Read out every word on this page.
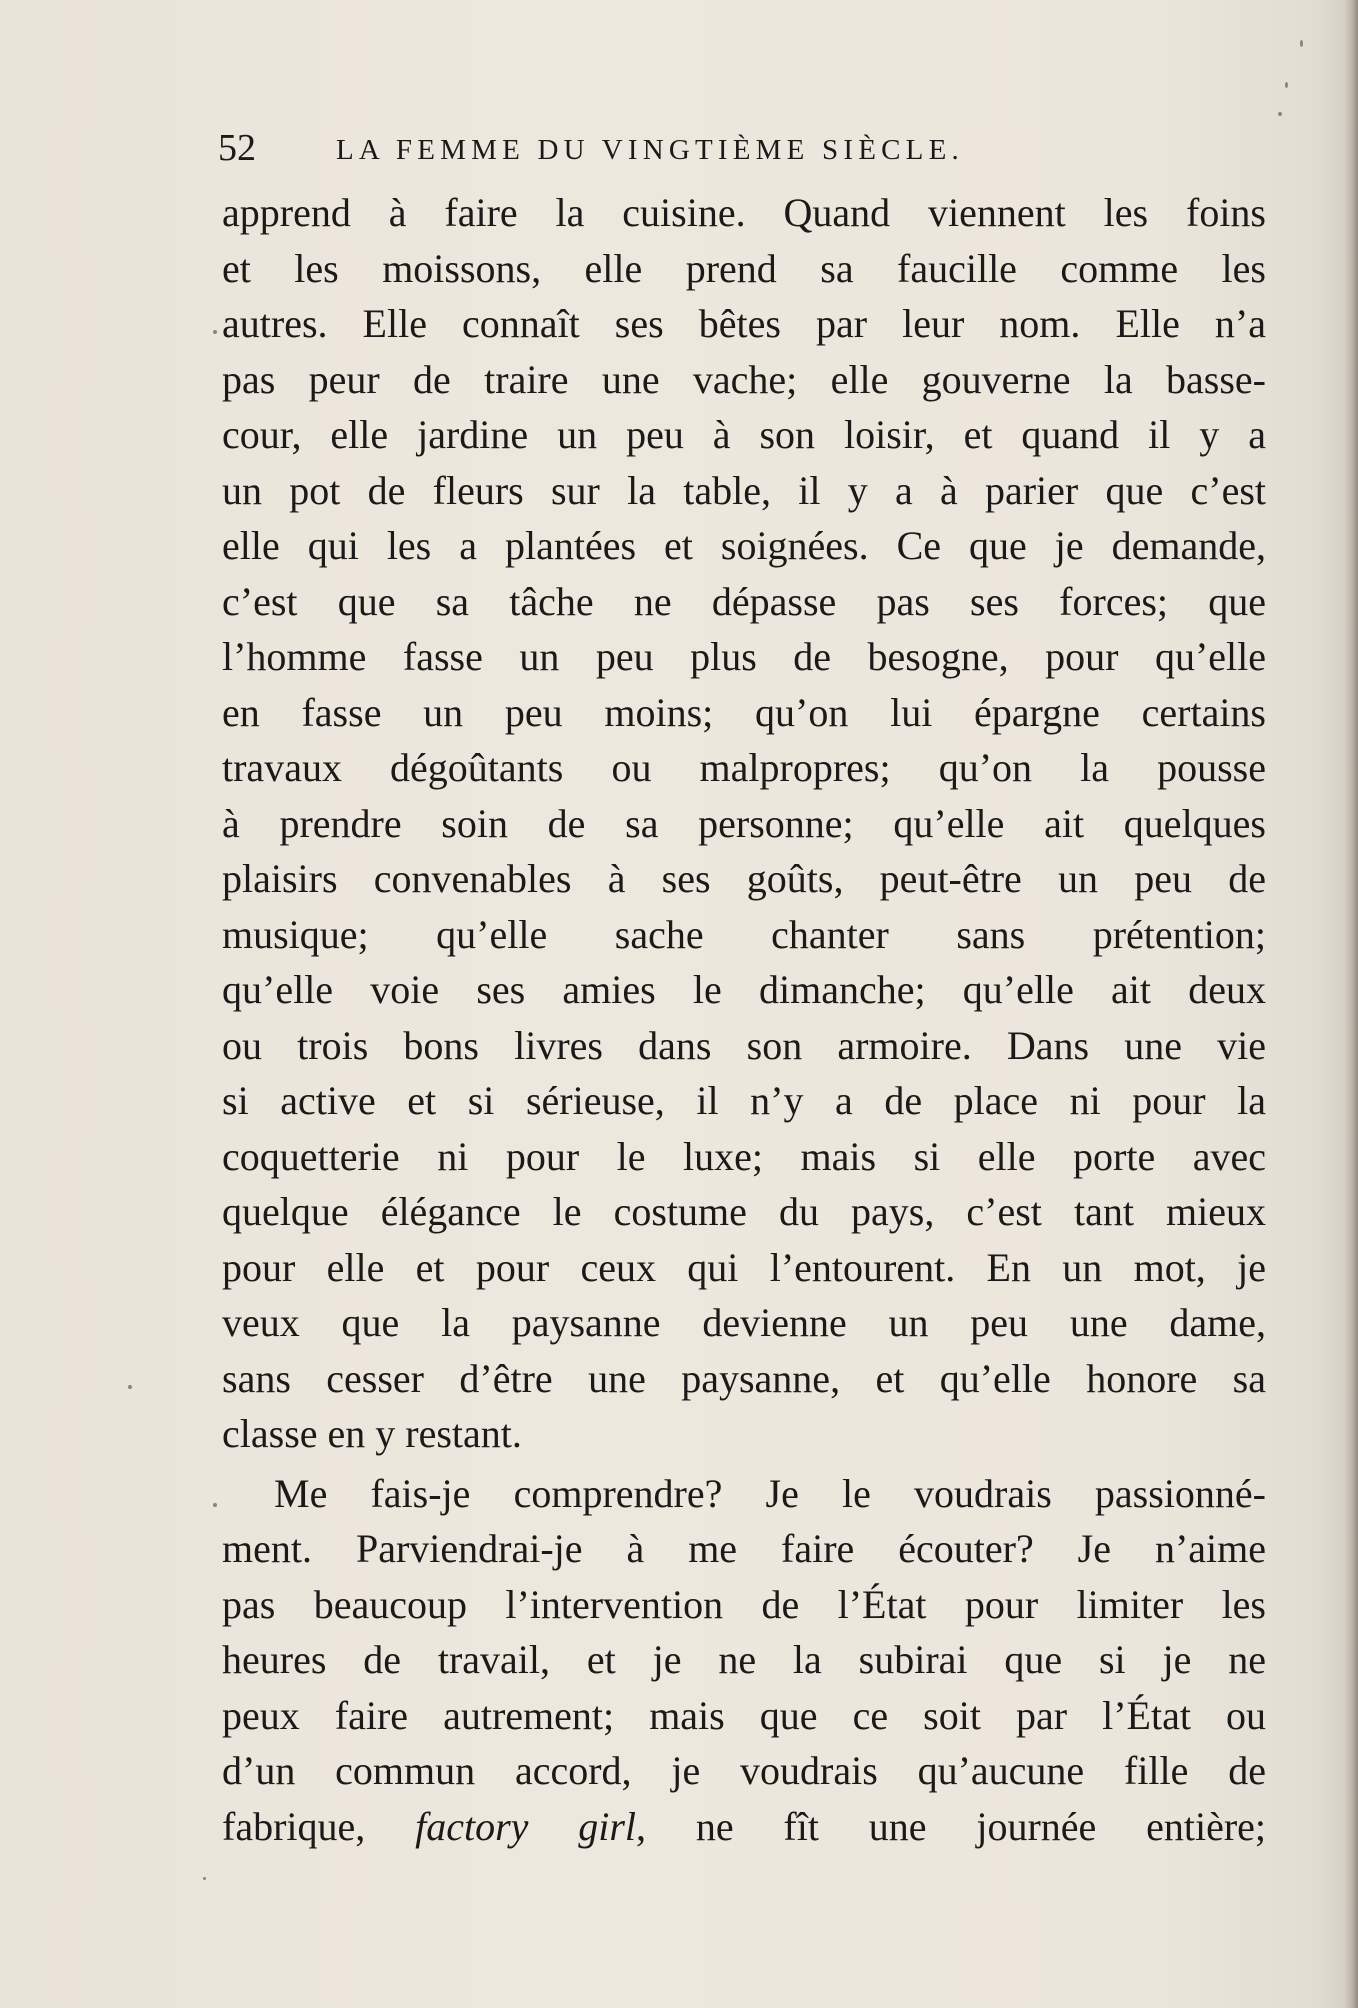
52	LA FEMME DU VINGTIÈME SIÈCLE.
apprend à faire la cuisine. Quand viennent les foins
et les moissons, elle prend sa faucille comme les
autres. Elle connaît ses bêtes par leur nom. Elle n’a
pas peur de traire une vache; elle gouverne la basse-
cour, elle jardine un peu à son loisir, et quand il y a
un pot de fleurs sur la table, il y a à parier que c’est
elle qui les a plantées et soignées. Ce que je demande,
c’est que sa tâche ne dépasse pas ses forces; que
l’homme fasse un peu plus de besogne, pour qu’elle
en fasse un peu moins; qu’on lui épargne certains
travaux dégoûtants ou malpropres; qu’on la pousse
à prendre soin de sa personne; qu’elle ait quelques
plaisirs convenables à ses goûts, peut-être un peu de
musique; qu’elle sache chanter sans prétention;
qu’elle voie ses amies le dimanche; qu’elle ait deux
ou trois bons livres dans son armoire. Dans une vie
si active et si sérieuse, il n’y a de place ni pour la
coquetterie ni pour le luxe; mais si elle porte avec
quelque élégance le costume du pays, c’est tant mieux
pour elle et pour ceux qui l’entourent. En un mot, je
veux que la paysanne devienne un peu une dame,
sans cesser d’être une paysanne, et qu’elle honore sa
classe en y restant.
Me fais-je comprendre? Je le voudrais passionné-
ment. Parviendrai-je à me faire écouter? Je n’aime
pas beaucoup l’intervention de l’État pour limiter les
heures de travail, et je ne la subirai que si je ne
peux faire autrement; mais que ce soit par l’État ou
d’un commun accord, je voudrais qu’aucune fille de
fabrique, factory girl, ne fît une journée entière;
